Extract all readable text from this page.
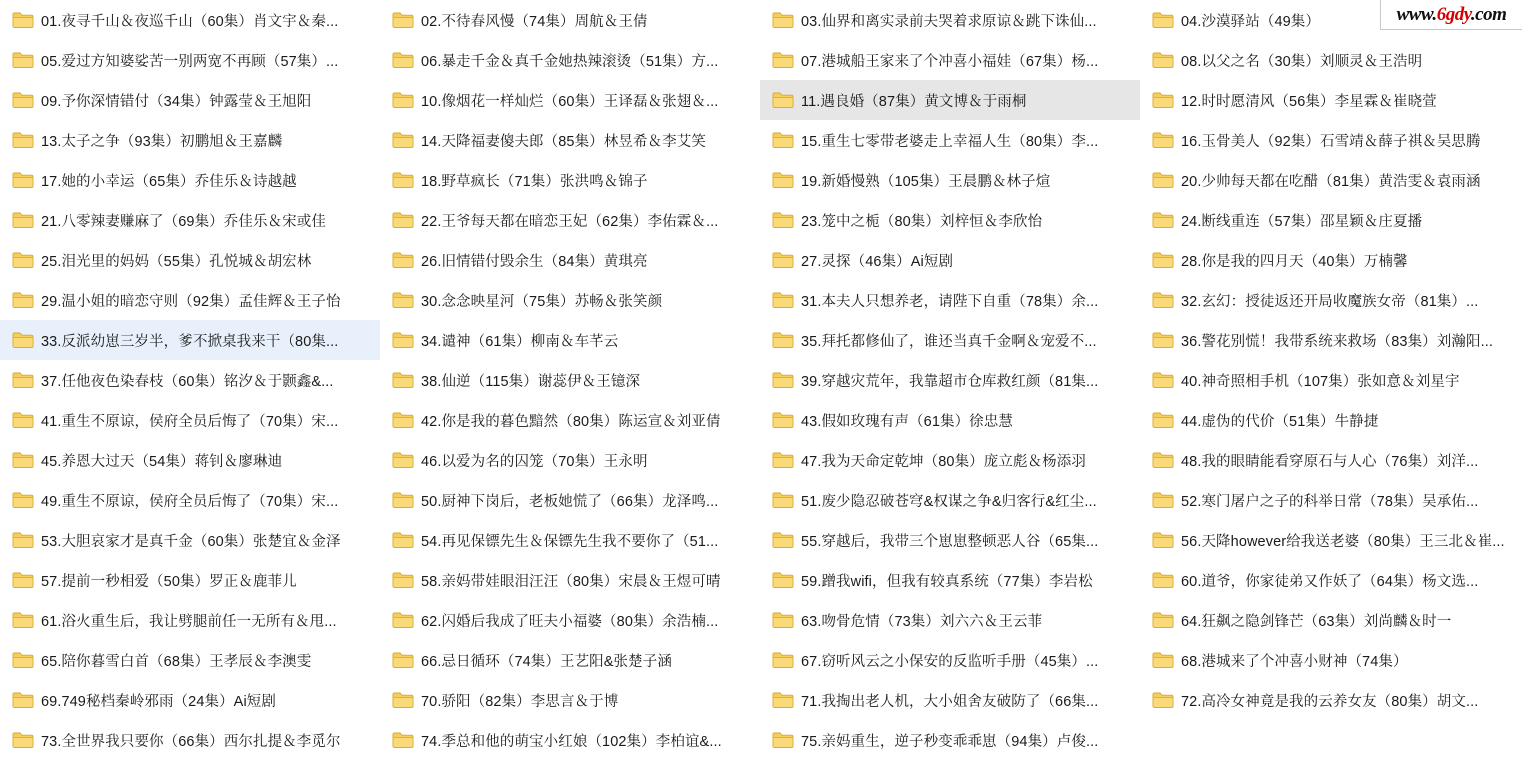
01.夜寻千山＆夜巡千山（60集）肖文宇＆秦...	02.不待春风慢（74集）周航＆王倩	03.仙界和离实录前夫哭着求原谅＆跳下诛仙...	04.沙漠驿站（49集）
05.爱过方知婆娑苦一别两宽不再顾（57集）...	06.暴走千金＆真千金她热辣滚烫（51集）方...	07.港城船王家来了个冲喜小福娃（67集）杨...	08.以父之名（30集）刘顺灵＆王浩明
09.予你深情错付（34集）钟露莹＆王旭阳	10.像烟花一样灿烂（60集）王译磊＆张翅＆...	11.遇良婚（87集）黄文博＆于雨桐	12.时时愿清风（56集）李星霖＆崔晓萱
13.太子之争（93集）初鹏旭＆王嘉麟	14.天降福妻傻夫郎（85集）林昱希＆李艾笑	15.重生七零带老婆走上幸福人生（80集）李...	16.玉骨美人（92集）石雪靖＆薛子祺＆吴思腾
17.她的小幸运（65集）乔佳乐＆诗越越	18.野草疯长（71集）张洪鸣＆锦子	19.新婚慢熟（105集）王晨鹏＆林子煊	20.少帅每天都在吃醋（81集）黄浩雯＆袁雨涵
21.八零辣妻赚麻了（69集）乔佳乐＆宋或佳	22.王爷每天都在暗恋王妃（62集）李佑霖＆...	23.笼中之栀（80集）刘梓恒＆李欣怡	24.断线重连（57集）邵星颖＆庄夏播
25.泪光里的妈妈（55集）孔悦城＆胡宏林	26.旧情错付毁余生（84集）黄琪亮	27.灵探（46集）Ai短剧	28.你是我的四月天（40集）万楠馨
29.温小姐的暗恋守则（92集）孟佳辉＆王子怡	30.念念映星河（75集）苏畅＆张笑颜	31.本夫人只想养老，请陛下自重（78集）余...	32.玄幻：授徒返还开局收魔族女帝（81集）...
33.反派幼崽三岁半，爹不掀桌我来干（80集...	34.谴神（61集）柳南＆车芊云	35.拜托都修仙了，谁还当真千金啊＆宠爱不...	36.警花别慌！我带系统来救场（83集）刘瀚阳...
37.任他夜色染春枝（60集）铭汐＆于颢鑫&...	38.仙逆（115集）谢蕊伊＆王镱深	39.穿越灾荒年，我靠超市仓库救红颜（81集...	40.神奇照相手机（107集）张如意＆刘星宇
41.重生不原谅，侯府全员后悔了（70集）宋...	42.你是我的暮色黯然（80集）陈运宣＆刘亚倩	43.假如玫瑰有声（61集）徐忠慧	44.虚伪的代价（51集）牛静捷
45.养恩大过天（54集）蒋钊＆廖琳迪	46.以爱为名的囚笼（70集）王永明	47.我为天命定乾坤（80集）庞立彪＆杨添羽	48.我的眼睛能看穿原石与人心（76集）刘洋...
49.重生不原谅，侯府全员后悔了（70集）宋...	50.厨神下岗后，老板她慌了（66集）龙泽鸣...	51.废少隐忍破苍穹&权谋之争&归客行&红尘...	52.寒门屠户之子的科举日常（78集）吴承佑...
53.大胆哀家才是真千金（60集）张楚宜＆金泽	54.再见保镖先生＆保镖先生我不要你了（51...	55.穿越后，我带三个崽崽整顿恶人谷（65集...	56.天降however给我送老婆（80集）王三北＆崔...
57.提前一秒相爱（50集）罗正＆鹿菲儿	58.亲妈带娃眼泪汪汪（80集）宋晨＆王煜可晴	59.蹭我wifi，但我有较真系统（77集）李岩松	60.道爷，你家徒弟又作妖了（64集）杨文选...
61.浴火重生后，我让劈腿前任一无所有＆甩...	62.闪婚后我成了旺夫小福婆（80集）余浩楠...	63.吻骨危情（73集）刘六六＆王云菲	64.狂飙之隐剑锋芒（63集）刘尚麟＆时一
65.陪你暮雪白首（68集）王孝辰＆李澳雯	66.忌日循环（74集）王艺阳&张楚子涵	67.窃听风云之小保安的反监听手册（45集）...	68.港城来了个冲喜小财神（74集）
69.749秘档秦岭邪雨（24集）Ai短剧	70.骄阳（82集）李思言＆于博	71.我掏出老人机，大小姐舍友破防了（66集...	72.高冷女神竟是我的云养女友（80集）胡文...
73.全世界我只要你（66集）西尔扎提＆李觅尔	74.季总和他的萌宝小红娘（102集）李柏谊&...	75.亲妈重生，逆子秒变乖乖崽（94集）卢俊...
www.6gdy.com
